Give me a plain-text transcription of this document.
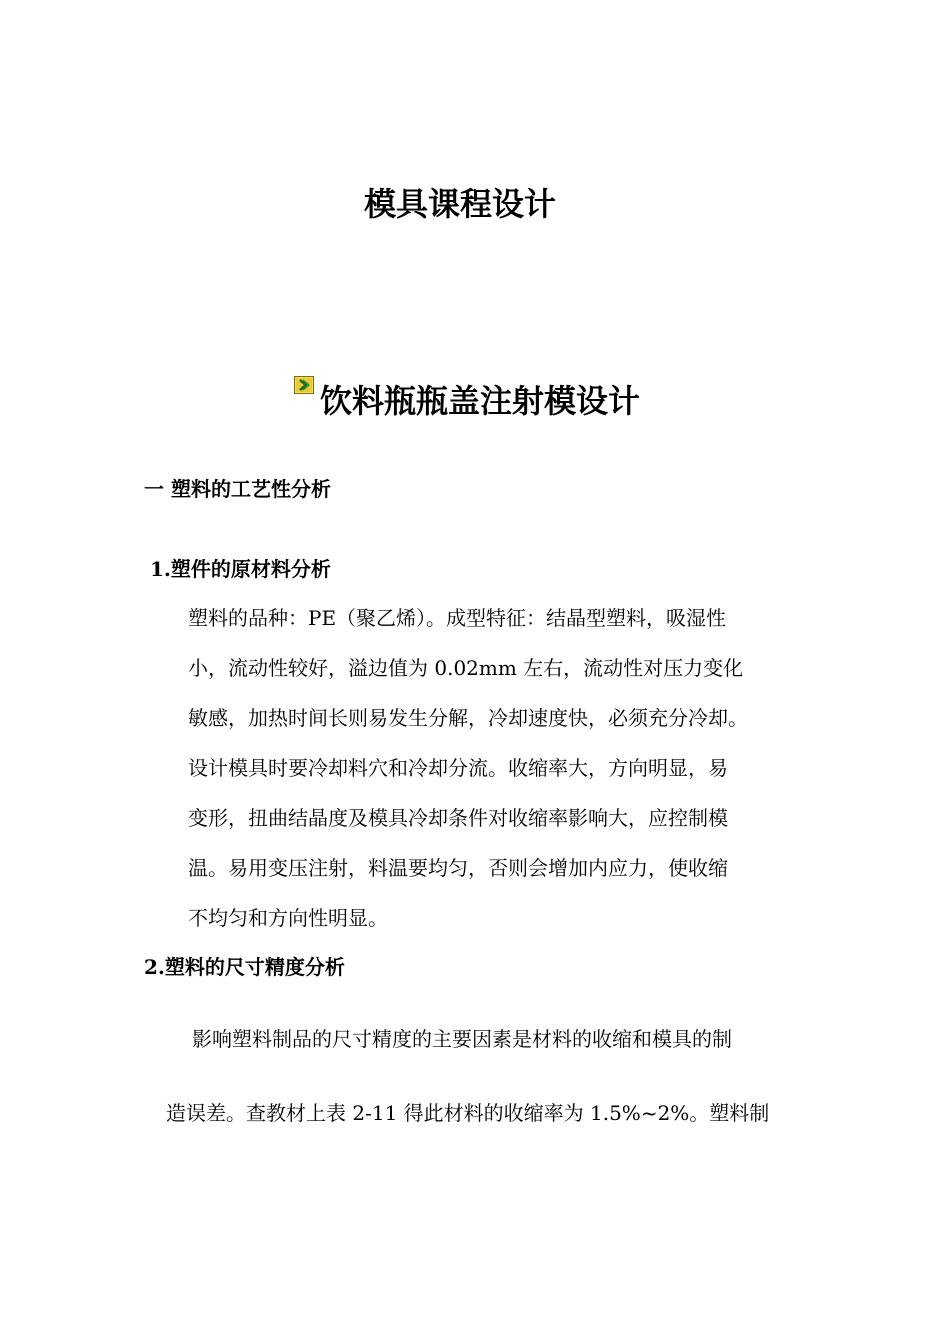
模具课程设计
饮料瓶瓶盖注射模设计
一 塑料的工艺性分析
1.塑件的原材料分析
塑料的品种：PE（聚乙烯）。成型特征：结晶型塑料，吸湿性
小，流动性较好，溢边值为 0.02mm 左右，流动性对压力变化
敏感，加热时间长则易发生分解，冷却速度快，必须充分冷却。
设计模具时要冷却料穴和冷却分流。收缩率大，方向明显，易
变形，扭曲结晶度及模具冷却条件对收缩率影响大，应控制模
温。易用变压注射，料温要均匀，否则会增加内应力，使收缩
不均匀和方向性明显。
2.塑料的尺寸精度分析
影响塑料制品的尺寸精度的主要因素是材料的收缩和模具的制
造误差。查教材上表 2-11 得此材料的收缩率为 1.5%~2%。塑料制
